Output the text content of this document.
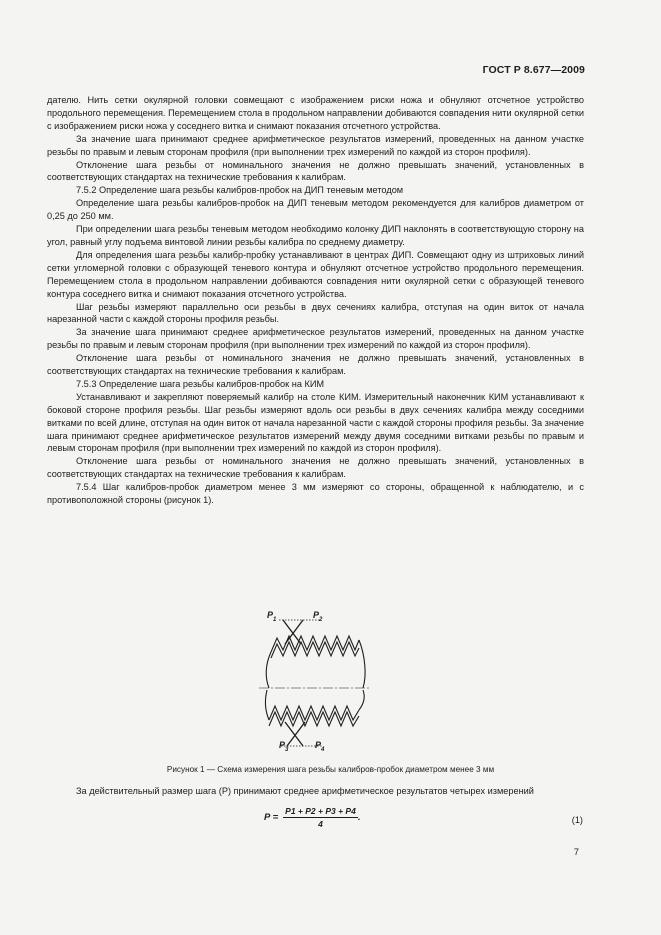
ГОСТ Р 8.677—2009

дателю. Нить сетки окулярной головки совмещают с изображением риски ножа и обнуляют отсчетное устройство продольного перемещения. Перемещением стола в продольном направлении добиваются совпадения нити окулярной сетки с изображением риски ножа у соседнего витка и снимают показания отсчетного устройства.

За значение шага принимают среднее арифметическое результатов измерений, проведенных на данном участке резьбы по правым и левым сторонам профиля (при выполнении трех измерений по каждой из сторон профиля).

Отклонение шага резьбы от номинального значения не должно превышать значений, установленных в соответствующих стандартах на технические требования к калибрам.

7.5.2 Определение шага резьбы калибров-пробок на ДИП теневым методом

Определение шага резьбы калибров-пробок на ДИП теневым методом рекомендуется для калибров диаметром от 0,25 до 250 мм.

При определении шага резьбы теневым методом необходимо колонку ДИП наклонять в соответствующую сторону на угол, равный углу подъема винтовой линии резьбы калибра по среднему диаметру.

Для определения шага резьбы калибр-пробку устанавливают в центрах ДИП. Совмещают одну из штриховых линий сетки угломерной головки с образующей теневого контура и обнуляют отсчетное устройство продольного перемещения. Перемещением стола в продольном направлении добиваются совпадения нити окулярной сетки с образующей теневого контура соседнего витка и снимают показания отсчетного устройства.

Шаг резьбы измеряют параллельно оси резьбы в двух сечениях калибра, отступая на один виток от начала нарезанной части с каждой стороны профиля резьбы.

За значение шага принимают среднее арифметическое результатов измерений, проведенных на данном участке резьбы по правым и левым сторонам профиля (при выполнении трех измерений по каждой из сторон профиля).

Отклонение шага резьбы от номинального значения не должно превышать значений, установленных в соответствующих стандартах на технические требования к калибрам.

7.5.3 Определение шага резьбы калибров-пробок на КИМ

Устанавливают и закрепляют поверяемый калибр на столе КИМ. Измерительный наконечник КИМ устанавливают к боковой стороне профиля резьбы. Шаг резьбы измеряют вдоль оси резьбы в двух сечениях калибра между соседними витками по всей длине, отступая на один виток от начала нарезанной части с каждой стороны профиля резьбы. За значение шага принимают среднее арифметическое результатов измерений между двумя соседними витками резьбы по правым и левым сторонам профиля (при выполнении трех измерений по каждой из сторон профиля).

Отклонение шага резьбы от номинального значения не должно превышать значений, установленных в соответствующих стандартах на технические требования к калибрам.

7.5.4 Шаг калибров-пробок диаметром менее 3 мм измеряют со стороны, обращенной к наблюдателю, и с противоположной стороны (рисунок 1).

$P_1$	$P_2$
$P_3$	$P_4$
Рисунок 1 — Схема измерения шага резьбы калибров-пробок диаметром менее 3 мм

За действительный размер шага (P) принимают среднее арифметическое результатов четырех измерений

$P = \frac{P1 + P2 + P3 + P4}{4}$ .	(1)
7
